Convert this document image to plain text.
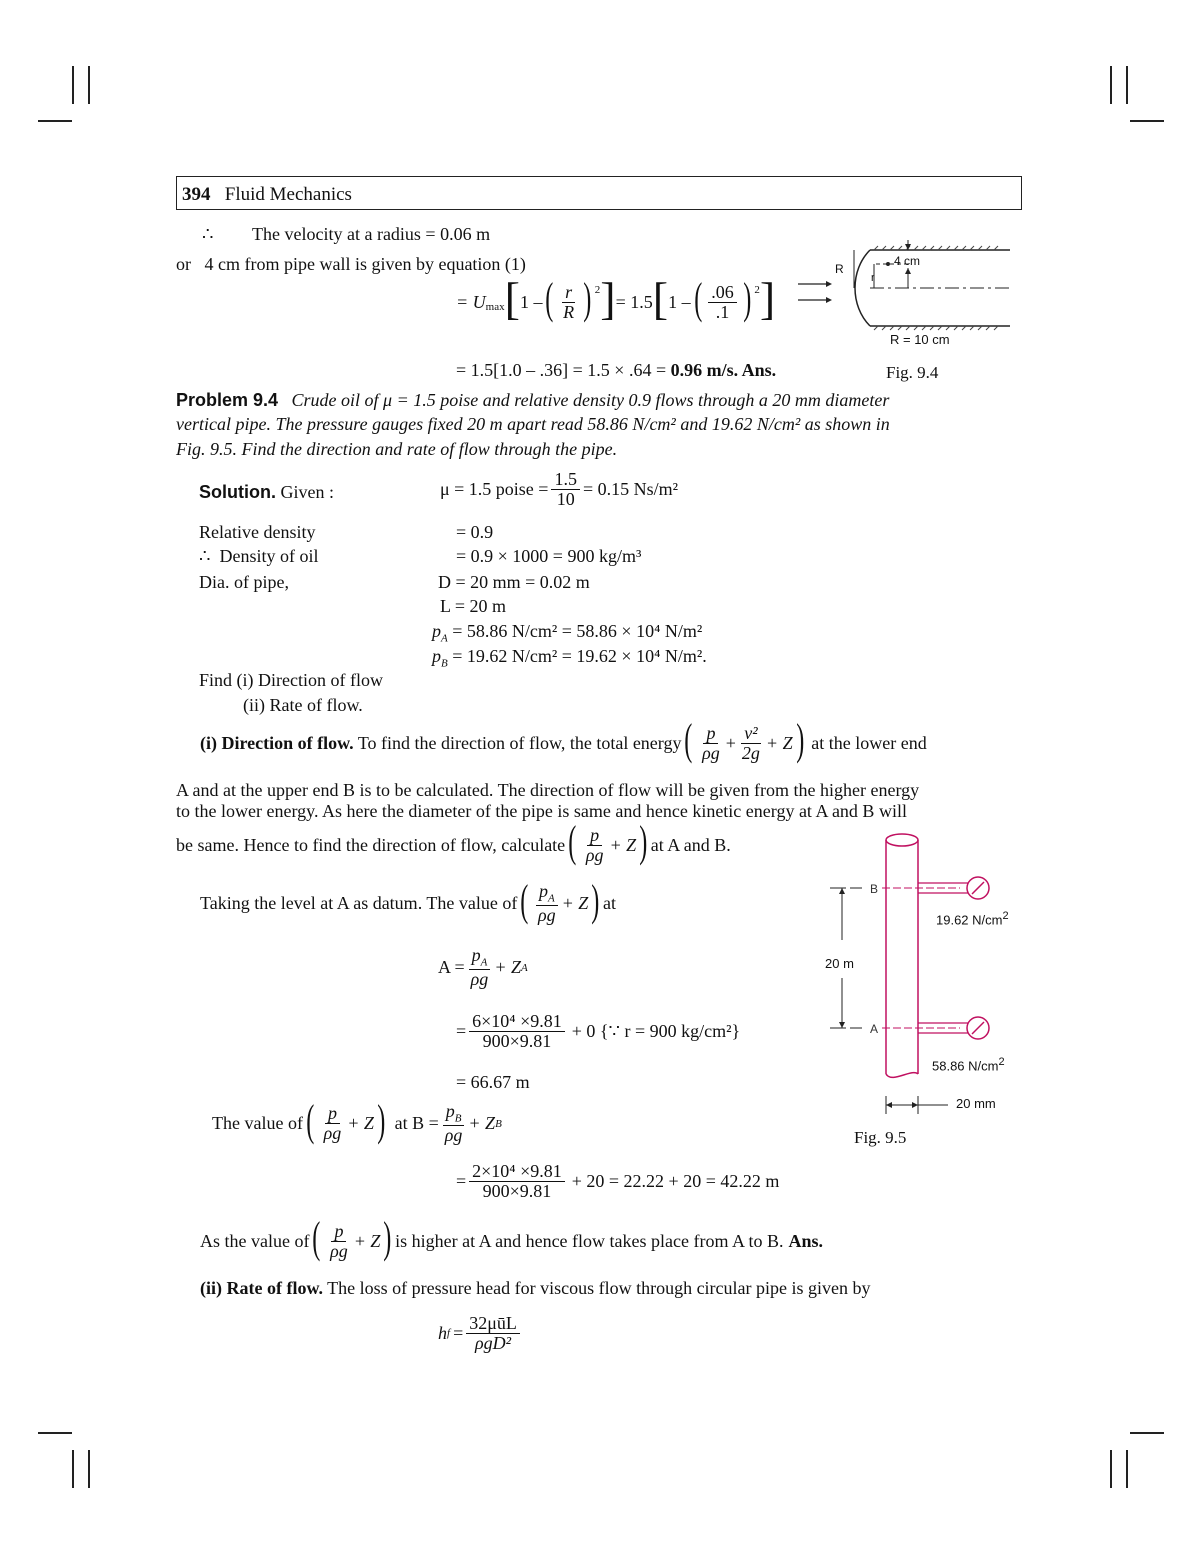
394 Fluid Mechanics
∴ The velocity at a radius = 0.06 m
or   4 cm from pipe wall is given by equation (1)
= $U_{max}$ [ 1 – ( $\frac{r}{R}$ ) $^2$ ] = 1.5 [ 1 – ( $\frac{.06}{.1}$ ) $^2$ ]
= 1.5[1.0 – .36] = 1.5 × .64 = 0.96 m/s. Ans.
R
r
4 cm
R = 10 cm
Fig. 9.4
Problem 9.4 Crude oil of μ = 1.5 poise and relative density 0.9 flows through a 20 mm diameter
vertical pipe. The pressure gauges fixed 20 m apart read 58.86 N/cm² and 19.62 N/cm² as shown in
Fig. 9.5. Find the direction and rate of flow through the pipe.
Solution. Given :	μ = 1.5 poise = $\frac{1.5}{10} = 0.15$ Ns/m²
Relative density	= 0.9
∴  Density of oil	= 0.9 × 1000 = 900 kg/m³
Dia. of pipe,	D = 20 mm = 0.02 m
L = 20 m
$p_A = 58.86$ N/cm² = 58.86 × 10⁴ N/m²
$p_B = 19.62$ N/cm² = 19.62 × 10⁴ N/m².
Find (i) Direction of flow
(ii) Rate of flow.
(i) Direction of flow. To find the direction of flow, the total energy ( $\frac{p}{\rho g} + \frac{\text{v²}}{2g} + Z$ ) at the lower end
A and at the upper end B is to be calculated. The direction of flow will be given from the higher energy
to the lower energy. As here the diameter of the pipe is same and hence kinetic energy at A and B will
be same. Hence to find the direction of flow, calculate ( $\frac{p}{\rho g} + Z$ ) at A and B.
Taking the level at A as datum. The value of ( $\frac{p_A}{\rho g} + Z$ ) at
$A = \frac{p_A}{\rho g} + Z$ A
= $\frac{\text{6×10⁴ ×9.81}}{900\times 9.81} + 0$ {∵ r = 900 kg/cm²}
= 66.67 m
The value of ( $\frac{p}{\rho g} + Z$ ) at $B = \frac{p_B}{\rho g} + Z$ B
= $\frac{\text{2×10⁴ ×9.81}}{900\times 9.81} + 20 = 22.22 + 20 = 42.22$ m
As the value of ( $\frac{p}{\rho g} + Z$ ) is higher at A and hence flow takes place from A to B. Ans.
(ii) Rate of flow. The loss of pressure head for viscous flow through circular pipe is given by
h $f = \frac{\text{32μūL}}{\text{ρgD²}}$
B
A
19.62 $N/cm^2$
58.86 $N/cm^2$
20 m
20 mm
Fig. 9.5
